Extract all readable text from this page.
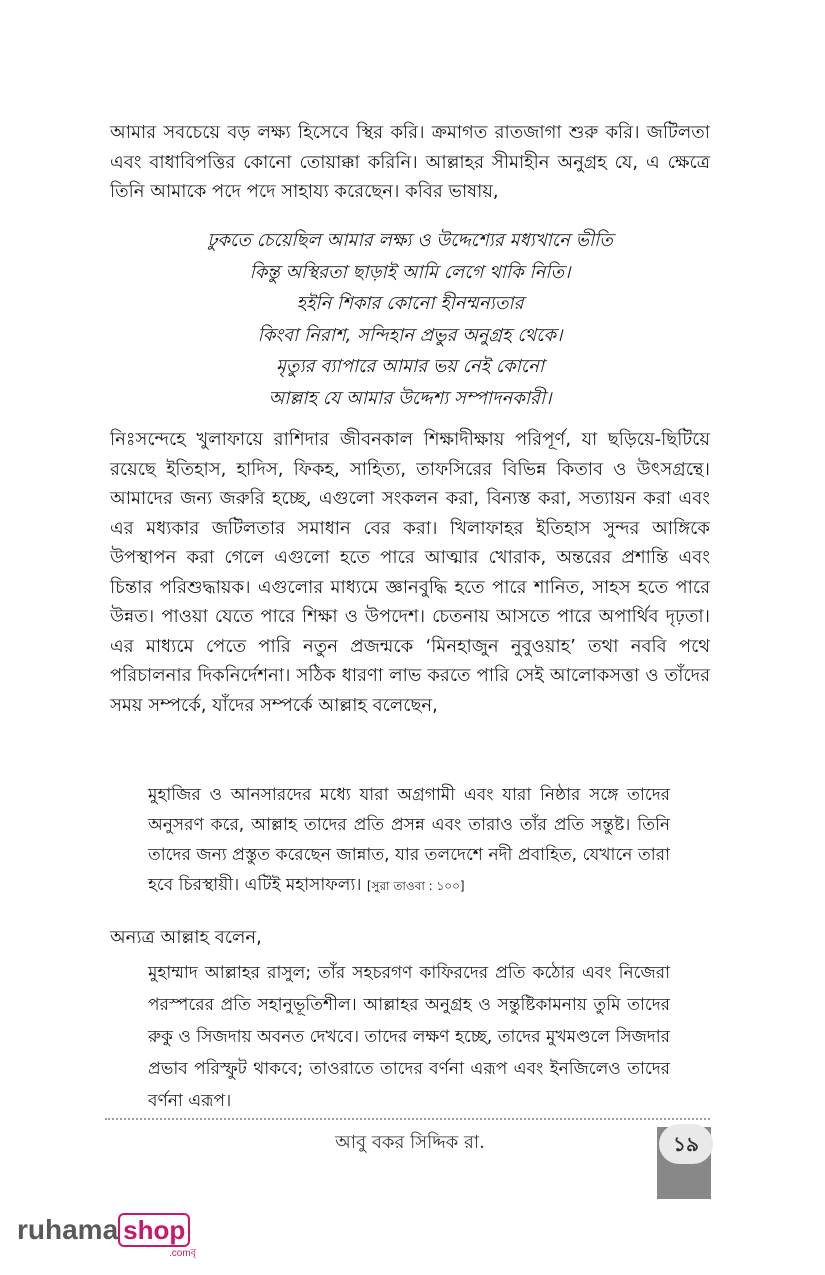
আমার সবচেয়ে বড় লক্ষ্য হিসেবে স্থির করি। ক্রমাগত রাতজাগা শুরু করি। জটিলতা এবং বাধাবিপত্তির কোনো তোয়াক্কা করিনি। আল্লাহর সীমাহীন অনুগ্রহ যে, এ ক্ষেত্রে তিনি আমাকে পদে পদে সাহায্য করেছেন। কবির ভাষায়,

ঢুকতে চেয়েছিল আমার লক্ষ্য ও উদ্দেশ্যের মধ্যখানে ভীতি
কিন্তু অস্থিরতা ছাড়াই আমি লেগে থাকি নিতি।
হইনি শিকার কোনো হীনম্মন্যতার
কিংবা নিরাশ, সন্দিহান প্রভুর অনুগ্রহ থেকে।
মৃত্যুর ব্যাপারে আমার ভয় নেই কোনো
আল্লাহ যে আমার উদ্দেশ্য সম্পাদনকারী।

নিঃসন্দেহে খুলাফায়ে রাশিদার জীবনকাল শিক্ষাদীক্ষায় পরিপূর্ণ, যা ছড়িয়ে-ছিটিয়ে রয়েছে ইতিহাস, হাদিস, ফিকহ, সাহিত্য, তাফসিরের বিভিন্ন কিতাব ও উৎসগ্রন্থে। আমাদের জন্য জরুরি হচ্ছে, এগুলো সংকলন করা, বিন্যস্ত করা, সত্যায়ন করা এবং এর মধ্যকার জটিলতার সমাধান বের করা। খিলাফাহর ইতিহাস সুন্দর আঙ্গিকে উপস্থাপন করা গেলে এগুলো হতে পারে আত্মার খোরাক, অন্তরের প্রশান্তি এবং চিন্তার পরিশুদ্ধায়ক। এগুলোর মাধ্যমে জ্ঞানবুদ্ধি হতে পারে শানিত, সাহস হতে পারে উন্নত। পাওয়া যেতে পারে শিক্ষা ও উপদেশ। চেতনায় আসতে পারে অপার্থিব দৃঢ়তা। এর মাধ্যমে পেতে পারি নতুন প্রজন্মকে ‘মিনহাজুন নুবুওয়াহ’ তথা নববি পথে পরিচালনার দিকনির্দেশনা। সঠিক ধারণা লাভ করতে পারি সেই আলোকসত্তা ও তাঁদের সময় সম্পর্কে, যাঁদের সম্পর্কে আল্লাহ বলেছেন,

মুহাজির ও আনসারদের মধ্যে যারা অগ্রগামী এবং যারা নিষ্ঠার সঙ্গে তাদের অনুসরণ করে, আল্লাহ তাদের প্রতি প্রসন্ন এবং তারাও তাঁর প্রতি সন্তুষ্ট। তিনি তাদের জন্য প্রস্তুত করেছেন জান্নাত, যার তলদেশে নদী প্রবাহিত, যেখানে তারা হবে চিরস্থায়ী। এটিই মহাসাফল্য। [সুরা তাওবা : ১০০]

অন্যত্র আল্লাহ বলেন,

মুহাম্মাদ আল্লাহর রাসুল; তাঁর সহচরগণ কাফিরদের প্রতি কঠোর এবং নিজেরা পরস্পরের প্রতি সহানুভূতিশীল। আল্লাহর অনুগ্রহ ও সন্তুষ্টিকামনায় তুমি তাদের রুকু ও সিজদায় অবনত দেখবে। তাদের লক্ষণ হচ্ছে, তাদের মুখমণ্ডলে সিজদার প্রভাব পরিস্ফুট থাকবে; তাওরাতে তাদের বর্ণনা এরূপ এবং ইনজিলেও তাদের বর্ণনা এরূপ।

আবু বকর সিদ্দিক রা.	১৯
ruhama shop
.comবৃ
